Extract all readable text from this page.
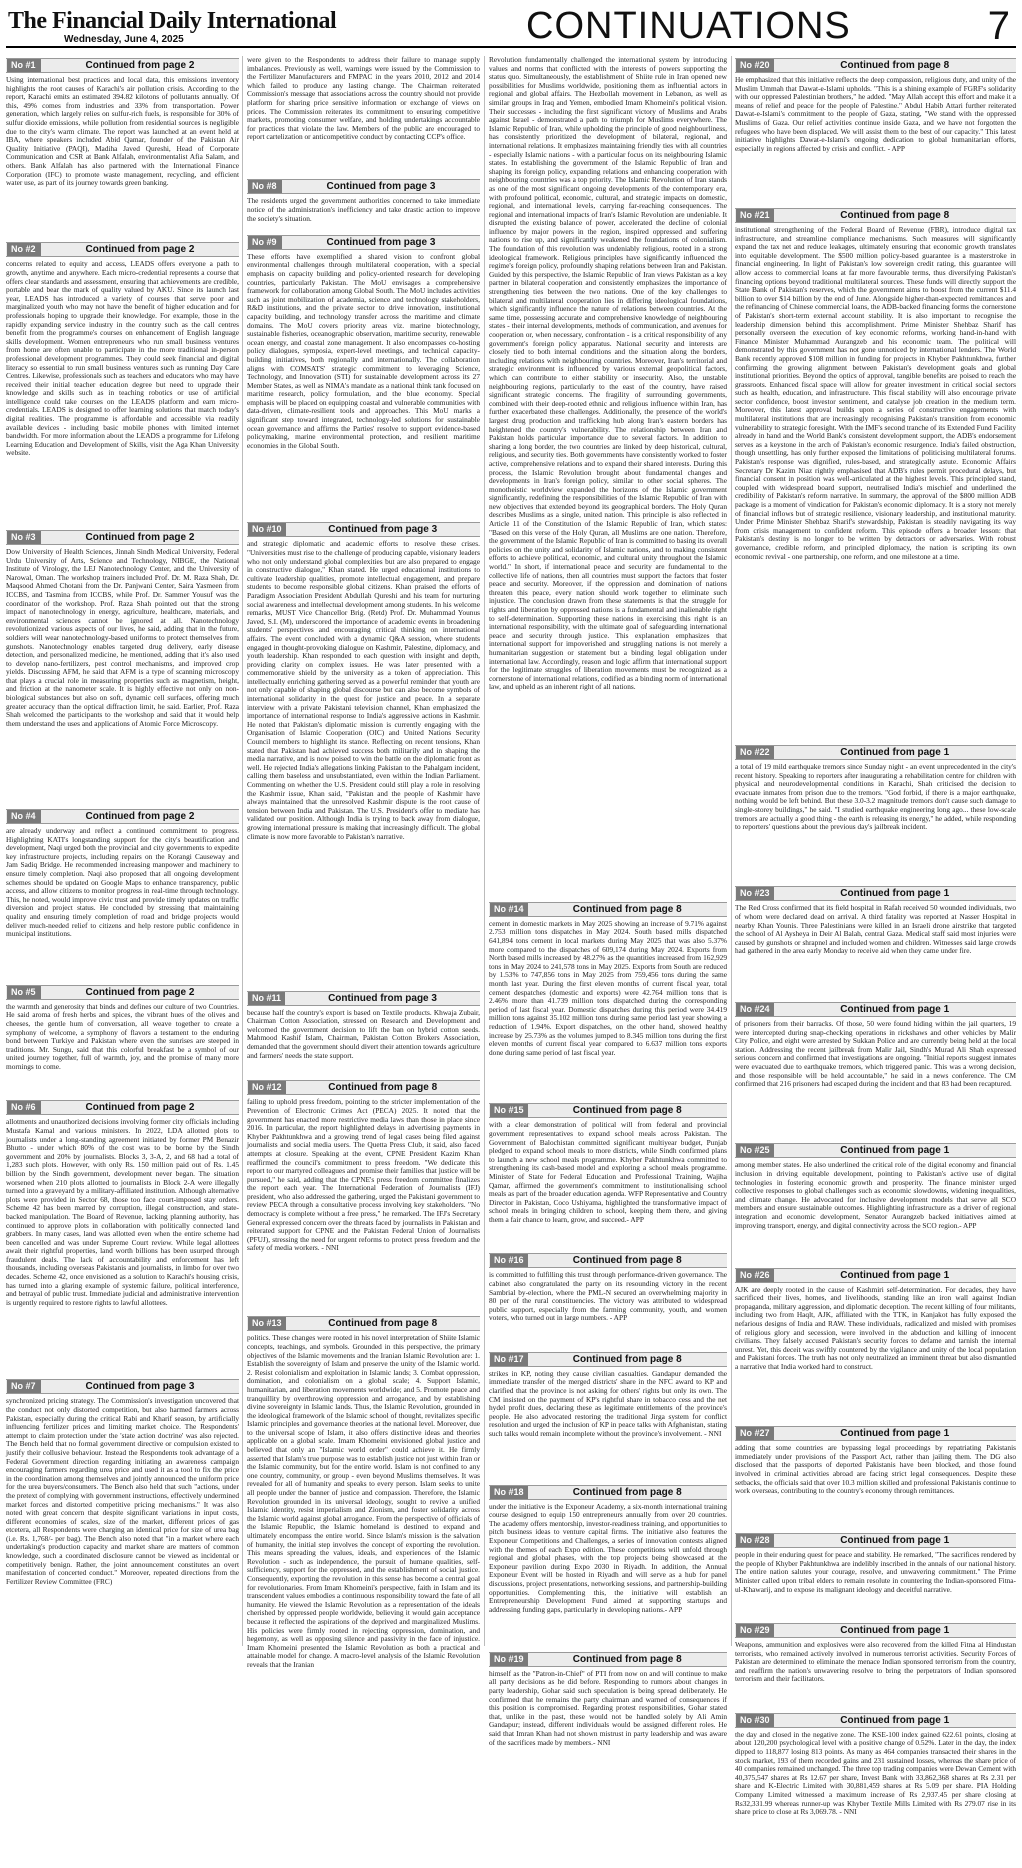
The Financial Daily International
Wednesday, June 4, 2025	CONTINUATIONS	7
No #1	Continued from page 2
Using international best practices and local data, this emissions inventory highlights the root causes of Karachi's air pollution crisis. According to the report, Karachi emits an estimated 394.82 kilotons of pollutants annually. Of this, 49% comes from industries and 33% from transportation. Power generation, which largely relies on sulfur-rich fuels, is responsible for 30% of sulfur dioxide emissions, while pollution from residential sources is negligible due to the city's warm climate. The report was launched at an event held at IBA, where speakers included Abid Qamar, founder of the Pakistan Air Quality Initiative (PAQI), Madiha Javed Qureshi, Head of Corporate Communication and CSR at Bank Alfalah, environmentalist Afia Salam, and others. Bank Alfalah has also partnered with the International Finance Corporation (IFC) to promote waste management, recycling, and efficient water use, as part of its journey towards green banking.
No #2	Continued from page 2
concerns related to equity and access, LEADS offers everyone a path to growth, anytime and anywhere. Each micro-credential represents a course that offers clear standards and assessment, ensuring that achievements are credible, portable and bear the mark of quality valued by AKU. Since its launch last year, LEADS has introduced a variety of courses that serve poor and marginalized youth who may not have the benefit of higher education and for professionals hoping to upgrade their knowledge. For example, those in the rapidly expanding service industry in the country such as the call centres benefit from the programme's courses on enhancement of English language skills development. Women entrepreneurs who run small business ventures from home are often unable to participate in the more traditional in-person professional development programmes. They could seek financial and digital literacy so essential to run small business ventures such as running Day Care Centres. Likewise, professionals such as teachers and educators who may have received their initial teacher education degree but need to upgrade their knowledge and skills such as in teaching robotics or use of artificial intelligence could take courses on the LEADS platform and earn micro-credentials. LEADS is designed to offer learning solutions that match today's digital realities. The programme is affordable and accessible via readily available devices - including basic mobile phones with limited internet bandwidth. For more information about the LEADS a programme for Lifelong Learning Education and Development of Skills, visit the Aga Khan University website.
No #3	Continued from page 2
Dow University of Health Sciences, Jinnah Sindh Medical University, Federal Urdu University of Arts, Science and Technology, NIBGE, the National Institute of Virology, the LEJ Nanotechnology Center, and the University of Narowal, Oman. The workshop trainers included Prof. Dr. M. Raza Shah, Dr. Maqsood Ahmed Chotani from the Dr. Panjwani Center, Saira Yasmeen from ICCBS, and Tasmina from ICCBS, while Prof. Dr. Sammer Yousuf was the coordinator of the workshop. Prof. Raza Shah pointed out that the strong impact of nanotechnology in energy, agriculture, healthcare, materials, and environmental sciences cannot be ignored at all. Nanotechnology revolutionized various aspects of our lives, he said, adding that in the future, soldiers will wear nanotechnology-based uniforms to protect themselves from gunshots. Nanotechnology enables targeted drug delivery, early disease detection, and personalized medicine, he mentioned, adding that it's also used to develop nano-fertilizers, pest control mechanisms, and improved crop yields. Discussing AFM, he said that AFM is a type of scanning microscopy that plays a crucial role in measuring properties such as magnetism, height, and friction at the nanometer scale. It is highly effective not only on non-biological substances but also on soft, dynamic cell surfaces, offering much greater accuracy than the optical diffraction limit, he said. Earlier, Prof. Raza Shah welcomed the participants to the workshop and said that it would help them understand the uses and applications of Atomic Force Microscopy.
No #4	Continued from page 2
are already underway and reflect a continued commitment to progress. Highlighting KATI's longstanding support for the city's beautification and development, Naqi urged both the provincial and city governments to expedite key infrastructure projects, including repairs on the Korangi Causeway and Jam Sadiq Bridge. He recommended increasing manpower and machinery to ensure timely completion. Naqi also proposed that all ongoing development schemes should be updated on Google Maps to enhance transparency, public access, and allow citizens to monitor progress in real-time through technology. This, he noted, would improve civic trust and provide timely updates on traffic diversion and project status. He concluded by stressing that maintaining quality and ensuring timely completion of road and bridge projects would deliver much-needed relief to citizens and help restore public confidence in municipal institutions.
No #5	Continued from page 2
the warmth and generosity that binds and defines our culture of two Countries. He said aroma of fresh herbs and spices, the vibrant hues of the olives and cheeses, the gentle hum of conversation, all weave together to create a symphony of welcome, a symphony of flavors a testament to the enduring bond between Turkiye and Pakistan where even the sunrises are steeped in traditions. Mr. Sungu, said that this colorful breakfast be a symbol of our united journey together, full of warmth, joy, and the promise of many more mornings to come.
No #6	Continued from page 2
allotments and unauthorized decisions involving former city officials including Mustafa Kamal and various ministers. In 2022, LDA allotted plots to journalists under a long-standing agreement initiated by former PM Benazir Bhutto - under which 80% of the cost was to be borne by the Sindh government and 20% by journalists. Blocks 3, 3-A, 2, and 68 had a total of 1,283 such plots. However, with only Rs. 150 million paid out of Rs. 1.45 billion by the Sindh government, development never began. The situation worsened when 210 plots allotted to journalists in Block 2-A were illegally turned into a graveyard by a military-affiliated institution. Although alternative plots were provided in Sector 68, those too face court-imposed stay orders. Scheme 42 has been marred by corruption, illegal construction, and state-backed manipulation. The Board of Revenue, lacking planning authority, has continued to approve plots in collaboration with politically connected land grabbers. In many cases, land was allotted even when the entire scheme had been cancelled and was under Supreme Court review. While legal allottees await their rightful properties, land worth billions has been usurped through fraudulent deals. The lack of accountability and enforcement has left thousands, including overseas Pakistanis and journalists, in limbo for over two decades. Scheme 42, once envisioned as a solution to Karachi's housing crisis, has turned into a glaring example of systemic failure, political interference, and betrayal of public trust. Immediate judicial and administrative intervention is urgently required to restore rights to lawful allottees.
No #7	Continued from page 3
synchronized pricing strategy. The Commission's investigation uncovered that the conduct not only distorted competition, but also harmed farmers across Pakistan, especially during the critical Rabi and Kharif season, by artificially influencing fertilizer prices and limiting market choice. The Respondents' attempt to claim protection under the 'state action doctrine' was also rejected. The Bench held that no formal government directive or compulsion existed to justify their collusive behaviour. Instead the Respondents took advantage of a Federal Government direction regarding initiating an awareness campaign encouraging farmers regarding urea price and used it as a tool to fix the price in the coordination among themselves and jointly announced the uniform price for the urea buyers/consumers. The Bench also held that such "actions, under the pretext of complying with government instructions, effectively undermined market forces and distorted competitive pricing mechanisms." It was also noted with great concern that despite significant variations in input costs, different economies of scales, size of the market, different prices of gas etcetera, all Respondents were charging an identical price for size of urea bag (i.e. Rs. 1,768/- per bag). The Bench also noted that "in a market where each undertaking's production capacity and market share are matters of common knowledge, such a coordinated disclosure cannot be viewed as incidental or competitively benign. Rather, the joint announcement constitutes an overt manifestation of concerted conduct." Moreover, repeated directions from the Fertilizer Review Committee (FRC)
were given to the Respondents to address their failure to manage supply imbalances. Previously as well, warnings were issued by the Commission to the Fertilizer Manufacturers and FMPAC in the years 2010, 2012 and 2014 which failed to produce any lasting change. The Chairman reiterated Commission's message that associations across the country should not provide platform for sharing price sensitive information or exchange of views on prices. The Commission reiterates its commitment to ensuring competitive markets, promoting consumer welfare, and holding undertakings accountable for practices that violate the law. Members of the public are encouraged to report cartelization or anticompetitive conduct by contacting CCP's office.
No #8	Continued from page 3
The residents urged the government authorities concerned to take immediate notice of the administration's inefficiency and take drastic action to improve the society's situation.
No #9	Continued from page 3
These efforts have exemplified a shared vision to confront global environmental challenges through multilateral cooperation, with a special emphasis on capacity building and policy-oriented research for developing countries, particularly Pakistan. The MoU envisages a comprehensive framework for collaboration among Global South. The MoU includes activities such as joint mobilization of academia, science and technology stakeholders, R&D institutions, and the private sector to drive innovation, institutional capacity building, and technology transfer across the maritime and climate domains. The MoU covers priority areas viz. marine biotechnology, sustainable fisheries, oceanographic observation, maritime security, renewable ocean energy, and coastal zone management. It also encompasses co-hosting policy dialogues, symposia, expert-level meetings, and technical capacity-building initiatives, both regionally and internationally. The collaboration aligns with COMSATS' strategic commitment to leveraging Science, Technology, and Innovation (STI) for sustainable development across its 27 Member States, as well as NIMA's mandate as a national think tank focused on maritime research, policy formulation, and the blue economy. Special emphasis will be placed on equipping coastal and vulnerable communities with data-driven, climate-resilient tools and approaches. This MoU marks a significant step toward integrated, technology-led solutions for sustainable ocean governance and affirms the Parties' resolve to support evidence-based policymaking, marine environmental protection, and resilient maritime economies in the Global South.
No #10	Continued from page 3
and strategic diplomatic and academic efforts to resolve these crises. "Universities must rise to the challenge of producing capable, visionary leaders who not only understand global complexities but are also prepared to engage in constructive dialogue," Khan stated. He urged educational institutions to cultivate leadership qualities, promote intellectual engagement, and prepare students to become responsible global citizens. Khan praised the efforts of Paradigm Association President Abdullah Qureshi and his team for nurturing social awareness and intellectual development among students. In his welcome remarks, MUST Vice Chancellor Brig. (Retd) Prof. Dr. Muhammad Younus Javed, S.I. (M), underscored the importance of academic events in broadening students' perspectives and encouraging critical thinking on international affairs. The event concluded with a dynamic Q&A session, where students engaged in thought-provoking dialogue on Kashmir, Palestine, diplomacy, and youth leadership. Khan responded to each question with insight and depth, providing clarity on complex issues. He was later presented with a commemorative shield by the university as a token of appreciation. This intellectually enriching gathering served as a powerful reminder that youth are not only capable of shaping global discourse but can also become symbols of international solidarity in the quest for justice and peace. In a separate interview with a private Pakistani television channel, Khan emphasized the importance of international response to India's aggressive actions in Kashmir. He noted that Pakistan's diplomatic mission is currently engaging with the Organisation of Islamic Cooperation (OIC) and United Nations Security Council members to highlight its stance. Reflecting on recent tensions, Khan stated that Pakistan had achieved success both militarily and in shaping the media narrative, and is now poised to win the battle on the diplomatic front as well. He rejected India's allegations linking Pakistan to the Pahalgam incident, calling them baseless and unsubstantiated, even within the Indian Parliament. Commenting on whether the U.S. President could still play a role in resolving the Kashmir issue, Khan said, "Pakistan and the people of Kashmir have always maintained that the unresolved Kashmir dispute is the root cause of tension between India and Pakistan. The U.S. President's offer to mediate has validated our position. Although India is trying to back away from dialogue, growing international pressure is making that increasingly difficult. The global climate is now more favorable to Pakistan's narrative.
No #11	Continued from page 3
because half the country's export is based on Textile products. Khwaja Zubair, Chairman Cotton Association, stressed on Research and Development and welcomed the government decision to lift the ban on hybrid cotton seeds. Mahmood Kashif Islam, Chairman, Pakistan Cotton Brokers Association, demanded that the government should divert their attention towards agriculture and farmers' needs the state support.
No #12	Continued from page 8
failing to uphold press freedom, pointing to the stricter implementation of the Prevention of Electronic Crimes Act (PECA) 2025. It noted that the government has enacted more restrictive media laws than those in place since 2016. In particular, the report highlighted delays in advertising payments in Khyber Pakhtunkhwa and a growing trend of legal cases being filed against journalists and social media users. The Quetta Press Club, it said, also faced attempts at closure. Speaking at the event, CPNE President Kazim Khan reaffirmed the council's commitment to press freedom. "We dedicate this report to our martyred colleagues and promise their families that justice will be pursued," he said, adding that the CPNE's press freedom committee finalizes the report each year. The International Federation of Journalists (IFJ) president, who also addressed the gathering, urged the Pakistani government to review PECA through a consultative process involving key stakeholders. "No democracy is complete without a free press," he remarked. The IFJ's Secretary General expressed concern over the threats faced by journalists in Pakistan and reiterated support for CPNE and the Pakistan Federal Union of Journalists (PFUJ), stressing the need for urgent reforms to protect press freedom and the safety of media workers. - NNI
No #13	Continued from page 8
politics. These changes were rooted in his novel interpretation of Shiite Islamic concepts, teachings, and symbols. Grounded in this perspective, the primary objectives of the Islamic movements and the Iranian Islamic Revolution are: 1. Establish the sovereignty of Islam and preserve the unity of the Islamic world. 2. Resist colonialism and exploitation in Islamic lands; 3. Combat oppression, domination, and colonialism on a global scale; 4. Support Islamic, humanitarian, and liberation movements worldwide; and 5. Promote peace and tranquillity by overthrowing oppression and arrogance, and by establishing divine sovereignty in Islamic lands. Thus, the Islamic Revolution, grounded in the ideological framework of the Islamic school of thought, revitalizes specific Islamic principles and governance theories at the national level. Moreover, due to the universal scope of Islam, it also offers distinctive ideas and theories applicable on a global scale. Imam Khomeini envisioned global justice and believed that only an "Islamic world order" could achieve it. He firmly asserted that Islam's true purpose was to establish justice not just within Iran or the Islamic community, but for the entire world. Islam is not confined to any one country, community, or group - even beyond Muslims themselves. It was revealed for all of humanity and speaks to every person. Islam seeks to unite all people under the banner of justice and compassion. Therefore, the Islamic Revolution grounded in its universal ideology, sought to revive a unified Islamic identity, resist imperialism and Zionism, and foster solidarity across the Islamic world against global arrogance. From the perspective of officials of the Islamic Republic, the Islamic homeland is destined to expand and ultimately encompass the entire world. Since Islam's mission is the salvation of humanity, the initial step involves the concept of exporting the revolution. This means spreading the values, ideals, and experiences of the Islamic Revolution - such as independence, the pursuit of humane qualities, self-sufficiency, support for the oppressed, and the establishment of social justice. Consequently, exporting the revolution in this sense has become a central goal for revolutionaries. From Imam Khomeini's perspective, faith in Islam and its transcendent values embodies a continuous responsibility toward the fate of all humanity. He viewed the Islamic Revolution as a representation of the ideals cherished by oppressed people worldwide, believing it would gain acceptance because it reflected the aspirations of the deprived and marginalized Muslims. His policies were firmly rooted in rejecting oppression, domination, and hegemony, as well as opposing silence and passivity in the face of injustice. Imam Khomeini presented the Islamic Revolution as both a practical and attainable model for change. A macro-level analysis of the Islamic Revolution reveals that the Iranian
Revolution fundamentally challenged the international system by introducing values and norms that conflicted with the interests of powers supporting the status quo. Simultaneously, the establishment of Shiite rule in Iran opened new possibilities for Muslims worldwide, positioning them as influential actors in regional and global affairs. The Hezbollah movement in Lebanon, as well as similar groups in Iraq and Yemen, embodied Imam Khomeini's political vision. Their successes - including the first significant victory of Muslims and Arabs against Israel - demonstrated a path to triumph for Muslims everywhere. The Islamic Republic of Iran, while upholding the principle of good neighbourliness, has consistently prioritized the development of bilateral, regional, and international relations. It emphasizes maintaining friendly ties with all countries - especially Islamic nations - with a particular focus on its neighbouring Islamic states. In establishing the government of the Islamic Republic of Iran and shaping its foreign policy, expanding relations and enhancing cooperation with neighbouring countries was a top priority. The Islamic Revolution of Iran stands as one of the most significant ongoing developments of the contemporary era, with profound political, economic, cultural, and strategic impacts on domestic, regional, and international levels, carrying far-reaching consequences. The regional and international impacts of Iran's Islamic Revolution are undeniable. It disrupted the existing balance of power, accelerated the decline of colonial influence by major powers in the region, inspired oppressed and suffering nations to rise up, and significantly weakened the foundations of colonialism. The foundation of this revolution was undeniably religious, rooted in a strong ideological framework. Religious principles have significantly influenced the regime's foreign policy, profoundly shaping relations between Iran and Pakistan. Guided by this perspective, the Islamic Republic of Iran views Pakistan as a key partner in bilateral cooperation and consistently emphasizes the importance of strengthening ties between the two nations. One of the key challenges to bilateral and multilateral cooperation lies in differing ideological foundations, which significantly influence the nature of relations between countries. At the same time, possessing accurate and comprehensive knowledge of neighbouring states - their internal developments, methods of communication, and avenues for cooperation or, when necessary, confrontation - is a critical responsibility of any government's foreign policy apparatus. National security and interests are closely tied to both internal conditions and the situation along the borders, including relations with neighbouring countries. Moreover, Iran's territorial and strategic environment is influenced by various external geopolitical factors, which can contribute to either stability or insecurity. Also, the unstable neighbouring regions, particularly to the east of the country, have raised significant strategic concerns. The fragility of surrounding governments, combined with their deep-rooted ethnic and religious influence within Iran, has further exacerbated these challenges. Additionally, the presence of the world's largest drug production and trafficking hub along Iran's eastern borders has heightened the country's vulnerability. The relationship between Iran and Pakistan holds particular importance due to several factors. In addition to sharing a long border, the two countries are linked by deep historical, cultural, religious, and security ties. Both governments have consistently worked to foster active, comprehensive relations and to expand their shared interests. During this process, the Islamic Revolution brought about fundamental changes and developments in Iran's foreign policy, similar to other social spheres. The monotheistic worldview expanded the horizons of the Islamic government significantly, redefining the responsibilities of the Islamic Republic of Iran with new objectives that extended beyond its geographical borders. The Holy Quran describes Muslims as a single, united nation. This principle is also reflected in Article 11 of the Constitution of the Islamic Republic of Iran, which states: "Based on this verse of the Holy Quran, all Muslims are one nation. Therefore, the government of the Islamic Republic of Iran is committed to basing its overall policies on the unity and solidarity of Islamic nations, and to making consistent efforts to achieve political, economic, and cultural unity throughout the Islamic world." In short, if international peace and security are fundamental to the collective life of nations, then all countries must support the factors that foster peace and security. Moreover, if the oppression and domination of nations threaten this peace, every nation should work together to eliminate such injustice. The conclusion drawn from these statements is that the struggle for rights and liberation by oppressed nations is a fundamental and inalienable right to self-determination. Supporting these nations in exercising this right is an international responsibility, with the ultimate goal of safeguarding international peace and security through justice. This explanation emphasizes that international support for impoverished and struggling nations is not merely a humanitarian suggestion or statement but a binding legal obligation under international law. Accordingly, reason and logic affirm that international support for the legitimate struggles of liberation movements must be recognized as a cornerstone of international relations, codified as a binding norm of international law, and upheld as an inherent right of all nations.
No #14	Continued from page 8
cement in domestic markets in May 2025 showing an increase of 9.71% against 2.753 million tons dispatches in May 2024. South based mills dispatched 641,894 tons cement in local markets during May 2025 that was also 5.37% more compared to the dispatches of 609,174 during May 2024. Exports from North based mills increased by 48.27% as the quantities increased from 162,929 tons in May 2024 to 241,578 tons in May 2025. Exports from South are reduced by 1.53% to 747,856 tons in May 2025 from 759,456 tons during the same month last year. During the first eleven months of current fiscal year, total cement despatches (domestic and exports) were 42.764 million tons that is 2.46% more than 41.739 million tons dispatched during the corresponding period of last fiscal year. Domestic dispatches during this period were 34.419 million tons against 35.102 million tons during same period last year showing a reduction of 1.94%. Export dispatches, on the other hand, showed healthy increase by 25.73% as the volumes jumped to 8.345 million tons during the first eleven months of current fiscal year compared to 6.637 million tons exports done during same period of last fiscal year.
No #15	Continued from page 8
with a clear demonstration of political will from federal and provincial government representatives to expand school meals across Pakistan. The Government of Balochistan committed significant multiyear budget, Punjab pledged to expand school meals to more districts, while Sindh confirmed plans to launch a new school meals programme. Khyber Pakhtunkhwa committed to strengthening its cash-based model and exploring a school meals programme. Minister of State for Federal Education and Professional Training, Wajiha Qamar, affirmed the government's commitment to institutionalising school meals as part of the broader education agenda. WFP Representative and Country Director in Pakistan, Coco Ushiyama, highlighted the transformative impact of school meals in bringing children to school, keeping them there, and giving them a fair chance to learn, grow, and succeed.- APP
No #16	Continued from page 8
is committed to fulfilling this trust through performance-driven governance. The cabinet also congratulated the party on its resounding victory in the recent Sambrial by-election, where the PML-N secured an overwhelming majority in 80 per of the rural constituencies. The victory was attributed to widespread public support, especially from the farming community, youth, and women voters, who turned out in large numbers. - APP
No #17	Continued from page 8
strikes in KP, noting they cause civilian casualties. Gandapur demanded the immediate transfer of the merged districts' share in the NFC award to KP and clarified that the province is not asking for others' rights but only its own. The CM insisted on the payment of KP's rightful share in tobacco cess and the net hydel profit dues, declaring these as legitimate entitlements of the province's people. He also advocated restoring the traditional Jirga system for conflict resolution and urged the inclusion of KP in peace talks with Afghanistan, stating such talks would remain incomplete without the province's involvement. - NNI
No #18	Continued from page 8
under the initiative is the Exponeur Academy, a six-month international training course designed to equip 150 entrepreneurs annually from over 20 countries. The academy offers mentorship, investor-readiness training, and opportunities to pitch business ideas to venture capital firms. The initiative also features the Exponeur Competitions and Challenges, a series of innovation contests aligned with the themes of each Expo edition. These competitions will unfold through regional and global phases, with the top projects being showcased at the Exponeur pavilion during Expo 2030 in Riyadh. In addition, the Annual Exponeur Event will be hosted in Riyadh and will serve as a hub for panel discussions, project presentations, networking sessions, and partnership-building opportunities. Complementing this, the initiative will establish an Entrepreneurship Development Fund aimed at supporting startups and addressing funding gaps, particularly in developing nations.- APP
No #19	Continued from page 8
himself as the "Patron-in-Chief" of PTI from now on and will continue to make all party decisions as he did before. Responding to rumors about changes in party leadership, Gohar said such speculation is being spread deliberately. He confirmed that he remains the party chairman and warned of consequences if this position is compromised. Regarding protest responsibilities, Gohar stated that, unlike in the past, these would not be handled solely by Ali Amin Gandapur; instead, different individuals would be assigned different roles. He said that Imran Khan had not shown mistrust in party leadership and was aware of the sacrifices made by members.- NNI
No #20	Continued from page 8
He emphasized that this initiative reflects the deep compassion, religious duty, and unity of the Muslim Ummah that Dawat-e-Islami upholds. "This is a shining example of FGRF's solidarity with our oppressed Palestinian brothers," he added. "May Allah accept this effort and make it a means of relief and peace for the people of Palestine." Abdul Habib Attari further reiterated Dawat-e-Islami's commitment to the people of Gaza, stating, "We stand with the oppressed Muslims of Gaza. Our relief activities continue inside Gaza, and we have not forgotten the refugees who have been displaced. We will assist them to the best of our capacity." This latest initiative highlights Dawat-e-Islami's ongoing dedication to global humanitarian efforts, especially in regions affected by crisis and conflict. - APP
No #21	Continued from page 8
institutional strengthening of the Federal Board of Revenue (FBR), introduce digital tax infrastructure, and streamline compliance mechanisms. Such measures will significantly expand the tax net and reduce leakages, ultimately ensuring that economic growth translates into equitable development. The $500 million policy-based guarantee is a masterstroke in financial engineering. In light of Pakistan's low sovereign credit rating, this guarantee will allow access to commercial loans at far more favourable terms, thus diversifying Pakistan's financing options beyond traditional multilateral sources. These funds will directly support the State Bank of Pakistan's reserves, which the government aims to boost from the current $11.4 billion to over $14 billion by the end of June. Alongside higher-than-expected remittances and the refinancing of Chinese commercial loans, the ADB-backed financing forms the cornerstone of Pakistan's short-term external account stability. It is also important to recognise the leadership dimension behind this accomplishment. Prime Minister Shehbaz Sharif has personally overseen the execution of key economic reforms, working hand-in-hand with Finance Minister Muhammad Aurangzeb and his economic team. The political will demonstrated by this government has not gone unnoticed by international lenders. The World Bank recently approved $108 million in funding for projects in Khyber Pakhtunkhwa, further confirming the growing alignment between Pakistan's development goals and global institutional priorities. Beyond the optics of approval, tangible benefits are poised to reach the grassroots. Enhanced fiscal space will allow for greater investment in critical social sectors such as health, education, and infrastructure. This fiscal stability will also encourage private sector confidence, boost investor sentiment, and catalyse job creation in the medium term. Moreover, this latest approval builds upon a series of constructive engagements with multilateral institutions that are increasingly recognising Pakistan's transition from economic vulnerability to strategic foresight. With the IMF's second tranche of its Extended Fund Facility already in hand and the World Bank's consistent development support, the ADB's endorsement serves as a keystone in the arch of Pakistan's economic resurgence. India's failed obstruction, though unsettling, has only further exposed the limitations of politicising multilateral forums. Pakistan's response was dignified, rules-based, and strategically astute. Economic Affairs Secretary Dr Kazim Niaz rightly emphasised that ADB's rules permit procedural delays, but financial consent in position was well-articulated at the highest levels. This principled stand, coupled with widespread board support, neutralised India's mischief and underlined the credibility of Pakistan's reform narrative. In summary, the approval of the $800 million ADB package is a moment of vindication for Pakistan's economic diplomacy. It is a story not merely of financial inflows but of strategic resilience, visionary leadership, and institutional maturity. Under Prime Minister Shehbaz Sharif's stewardship, Pakistan is steadily navigating its way from crisis management to confident reform. This episode offers a broader lesson: that Pakistan's destiny is no longer to be written by detractors or adversaries. With robust governance, credible reform, and principled diplomacy, the nation is scripting its own economic revival - one partnership, one reform, and one milestone at a time.
No #22	Continued from page 1
a total of 19 mild earthquake tremors since Sunday night - an event unprecedented in the city's recent history. Speaking to reporters after inaugurating a rehabilitation centre for children with physical and neurodevelopmental conditions in Karachi, Shah criticised the decision to evacuate inmates from prison due to the tremors. "God forbid, if there is a major earthquake, nothing would be left behind. But these 3.0-3.2 magnitude tremors don't cause such damage to single-storey buildings," he said. "I studied earthquake engineering long ago... these low-scale tremors are actually a good thing - the earth is releasing its energy," he added, while responding to reporters' questions about the previous day's jailbreak incident.
No #23	Continued from page 1
The Red Cross confirmed that its field hospital in Rafah received 50 wounded individuals, two of whom were declared dead on arrival. A third fatality was reported at Nasser Hospital in nearby Khan Younis. Three Palestinians were killed in an Israeli drone airstrike that targeted the school of Al Aysheya in Deir Al Balah, central Gaza. Medical staff said most injuries were caused by gunshots or shrapnel and included women and children. Witnesses said large crowds had gathered in the area early Monday to receive aid when they came under fire.
No #24	Continued from page 1
of prisoners from their barracks. Of those, 50 were found hiding within the jail quarters, 19 were intercepted during snap-checking operations in rickshaws and other vehicles by Malir City Police, and eight were arrested by Sukkan Police and are currently being held at the local station. Addressing the recent jailbreak from Malir Jail, Sindh's Murad Ali Shah expressed serious concern and confirmed that investigations are ongoing. "Initial reports suggest inmates were evacuated due to earthquake tremors, which triggered panic. This was a wrong decision, and those responsible will be held accountable," he said in a news conference. The CM confirmed that 216 prisoners had escaped during the incident and that 83 had been recaptured.
No #25	Continued from page 1
among member states. He also underlined the critical role of the digital economy and financial inclusion in driving equitable development, pointing to Pakistan's active use of digital technologies in fostering economic growth and prosperity. The finance minister urged collective responses to global challenges such as economic slowdowns, widening inequalities, and climate change. He advocated for inclusive development models that serve all SCO members and ensure sustainable outcomes. Highlighting infrastructure as a driver of regional integration and economic development, Senator Aurangzeb backed initiatives aimed at improving transport, energy, and digital connectivity across the SCO region.- APP
No #26	Continued from page 1
AJK are deeply rooted in the cause of Kashmiri self-determination. For decades, they have sacrificed their lives, homes, and livelihoods, standing like an iron wall against Indian propaganda, military aggression, and diplomatic deception. The recent killing of four militants, including two from Haqlt, AJK, affiliated with the TTK, in Kanjakot has fully exposed the nefarious designs of India and RAW. These individuals, radicalized and misled with promises of religious glory and secession, were involved in the abduction and killing of innocent civilians. They falsely accused Pakistan's security forces to defame and tarnish the internal unrest. Yet, this deceit was swiftly countered by the vigilance and unity of the local population and Pakistani forces. The truth has not only neutralized an imminent threat but also dismantled a narrative that India worked hard to construct.
No #27	Continued from page 1
adding that some countries are bypassing legal proceedings by repatriating Pakistanis immediately under provisions of the Passport Act, rather than jailing them. The DG also disclosed that the passports of deported Pakistanis have been blocked, and those found involved in criminal activities abroad are facing strict legal consequences. Despite these setbacks, the officials said that over 10.3 million skilled and professional Pakistanis continue to work overseas, contributing to the country's economy through remittances.
No #28	Continued from page 1
people in their enduring quest for peace and stability. He remarked, "The sacrifices rendered by the people of Khyber Pakhtunkhwa are indelibly inscribed in the annals of our national history. The entire nation salutes your courage, resolve, and unwavering commitment." The Prime Minister called upon tribal elders to remain resolute in countering the Indian-sponsored Fitna-ul-Khawarij, and to expose its malignant ideology and deceitful narrative.
No #29	Continued from page 1
Weapons, ammunition and explosives were also recovered from the killed Fitna al Hindustan terrorists, who remained actively involved in numerous terrorist activities. Security Forces of Pakistan are determined to eliminate the menace Indian sponsored terrorism from the country, and reaffirm the nation's unwavering resolve to bring the perpetrators of Indian sponsored terrorism and their facilitators.
No #30	Continued from page 1
the day and closed in the negative zone. The KSE-100 index gained 622.61 points, closing at about 120,200 psychological level with a positive change of 0.52%. Later in the day, the index dipped to 118,877 losing 813 points. As many as 464 companies transacted their shares in the stock market, 193 of them recorded gains and 231 sustained losses, whereas the share price of 40 companies remained unchanged. The three top trading companies were Dewan Cement with 40,375,547 shares at Rs 12.67 per share, Invest Bank with 33,862,368 shares at Rs 2.31 per share and K-Electric Limited with 30,881,459 shares at Rs 5.09 per share. PIA Holding Company Limited witnessed a maximum increase of Rs 2,937.45 per share closing at Rs32,331.99 whereas runner-up was Khyber Textile Mills Limited with Rs 279.07 rise in its share price to close at Rs 3,069.78. - NNI
